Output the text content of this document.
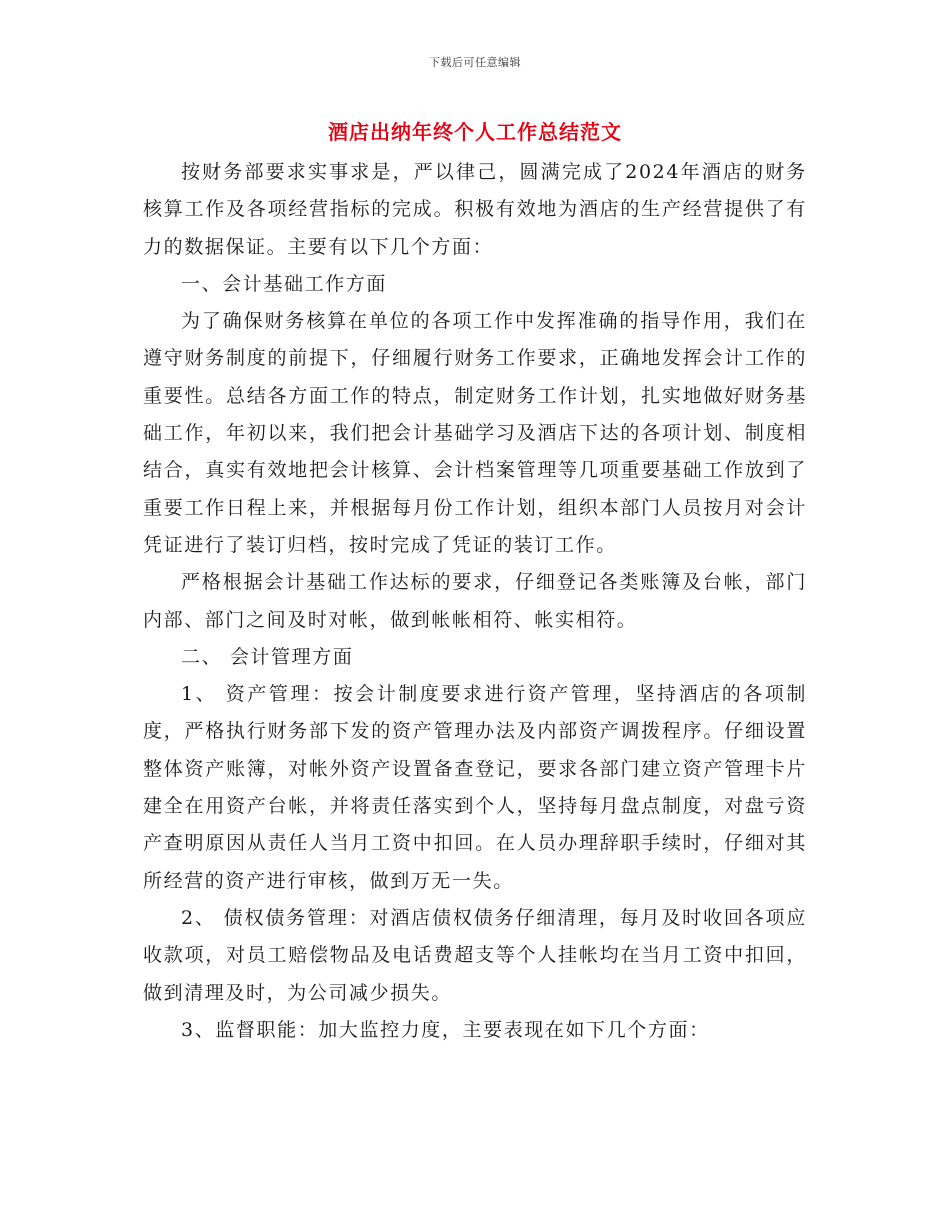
下载后可任意编辑
酒店出纳年终个人工作总结范文

按财务部要求实事求是，严以律己，圆满完成了2024年酒店的财务核算工作及各项经营指标的完成。积极有效地为酒店的生产经营提供了有力的数据保证。主要有以下几个方面：

一、会计基础工作方面

为了确保财务核算在单位的各项工作中发挥准确的指导作用，我们在遵守财务制度的前提下，仔细履行财务工作要求，正确地发挥会计工作的重要性。总结各方面工作的特点，制定财务工作计划，扎实地做好财务基础工作，年初以来，我们把会计基础学习及酒店下达的各项计划、制度相结合，真实有效地把会计核算、会计档案管理等几项重要基础工作放到了重要工作日程上来，并根据每月份工作计划，组织本部门人员按月对会计凭证进行了装订归档，按时完成了凭证的装订工作。

严格根据会计基础工作达标的要求，仔细登记各类账簿及台帐，部门内部、部门之间及时对帐，做到帐帐相符、帐实相符。

二、 会计管理方面

1、 资产管理：按会计制度要求进行资产管理，坚持酒店的各项制度，严格执行财务部下发的资产管理办法及内部资产调拨程序。仔细设置整体资产账簿，对帐外资产设置备查登记，要求各部门建立资产管理卡片建全在用资产台帐，并将责任落实到个人，坚持每月盘点制度，对盘亏资产查明原因从责任人当月工资中扣回。在人员办理辞职手续时，仔细对其所经营的资产进行审核，做到万无一失。

2、 债权债务管理：对酒店债权债务仔细清理，每月及时收回各项应收款项，对员工赔偿物品及电话费超支等个人挂帐均在当月工资中扣回，做到清理及时，为公司减少损失。

3、监督职能：加大监控力度，主要表现在如下几个方面：
